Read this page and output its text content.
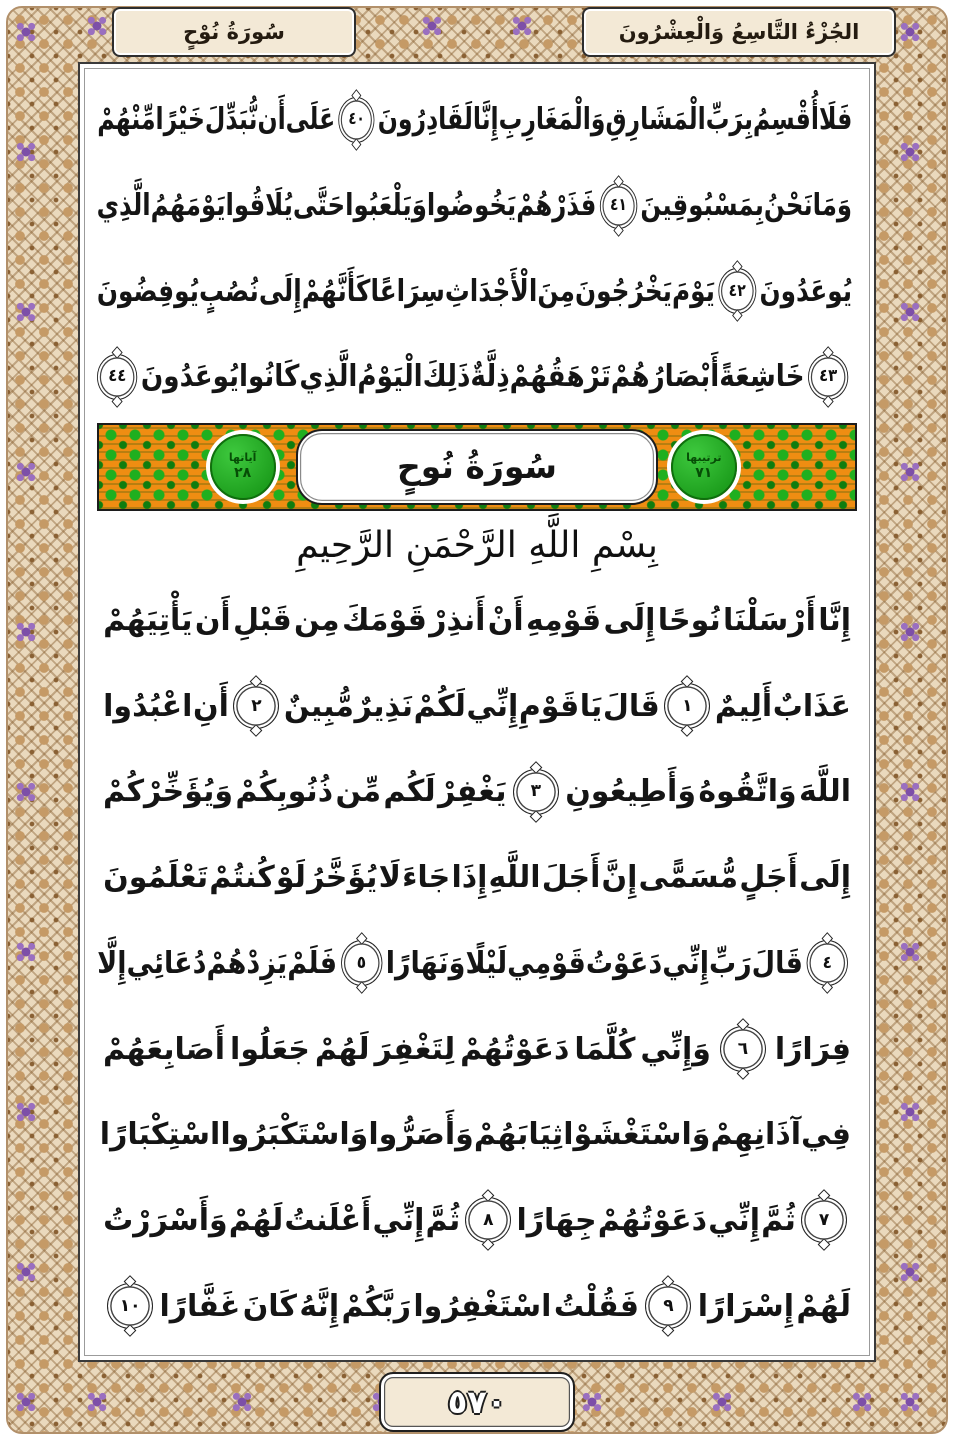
سُورَةُ نُوْحٍ	الجُزْءُ التَّاسِعُ وَالْعِشْرُونَ
فَلَا
أُقْسِمُ
بِرَبِّ
الْمَشَارِقِ
وَالْمَغَارِبِ
إِنَّا
لَقَادِرُونَ
٤٠
عَلَى
أَن
نُّبَدِّلَ
خَيْرًا
مِّنْهُمْ
وَمَا
نَحْنُ
بِمَسْبُوقِينَ
٤١
فَذَرْهُمْ
يَخُوضُوا
وَيَلْعَبُوا
حَتَّى
يُلَاقُوا
يَوْمَهُمُ
الَّذِي
يُوعَدُونَ
٤٢
يَوْمَ
يَخْرُجُونَ
مِنَ
الْأَجْدَاثِ
سِرَاعًا
كَأَنَّهُمْ
إِلَى
نُصُبٍ
يُوفِضُونَ
٤٣
خَاشِعَةً
أَبْصَارُهُمْ
تَرْهَقُهُمْ
ذِلَّةٌ
ذَلِكَ
الْيَوْمُ
الَّذِي
كَانُوا
يُوعَدُونَ
٤٤
ترتيبها
٧١
سُورَةُ نُوحٍ
آياتها
٢٨
بِسْمِ اللَّهِ الرَّحْمَنِ الرَّحِيمِ
إِنَّا
أَرْسَلْنَا
نُوحًا
إِلَى
قَوْمِهِ
أَنْ
أَنذِرْ
قَوْمَكَ
مِن
قَبْلِ
أَن
يَأْتِيَهُمْ
عَذَابٌ
أَلِيمٌ
١
قَالَ
يَا
قَوْمِ
إِنِّي
لَكُمْ
نَذِيرٌ
مُّبِينٌ
٢
أَنِ
اعْبُدُوا
اللَّهَ
وَاتَّقُوهُ
وَأَطِيعُونِ
٣
يَغْفِرْ
لَكُم
مِّن
ذُنُوبِكُمْ
وَيُؤَخِّرْكُمْ
إِلَى
أَجَلٍ
مُّسَمًّى
إِنَّ
أَجَلَ
اللَّهِ
إِذَا
جَاءَ
لَا
يُؤَخَّرُ
لَوْ
كُنتُمْ
تَعْلَمُونَ
٤
قَالَ
رَبِّ
إِنِّي
دَعَوْتُ
قَوْمِي
لَيْلًا
وَنَهَارًا
٥
فَلَمْ
يَزِدْهُمْ
دُعَائِي
إِلَّا
فِرَارًا
٦
وَإِنِّي
كُلَّمَا
دَعَوْتُهُمْ
لِتَغْفِرَ
لَهُمْ
جَعَلُوا
أَصَابِعَهُمْ
فِي
آذَانِهِمْ
وَاسْتَغْشَوْا
ثِيَابَهُمْ
وَأَصَرُّوا
وَاسْتَكْبَرُوا
اسْتِكْبَارًا
٧
ثُمَّ
إِنِّي
دَعَوْتُهُمْ
جِهَارًا
٨
ثُمَّ
إِنِّي
أَعْلَنتُ
لَهُمْ
وَأَسْرَرْتُ
لَهُمْ
إِسْرَارًا
٩
فَقُلْتُ
اسْتَغْفِرُوا
رَبَّكُمْ
إِنَّهُ
كَانَ
غَفَّارًا
١٠
٥٧٠
